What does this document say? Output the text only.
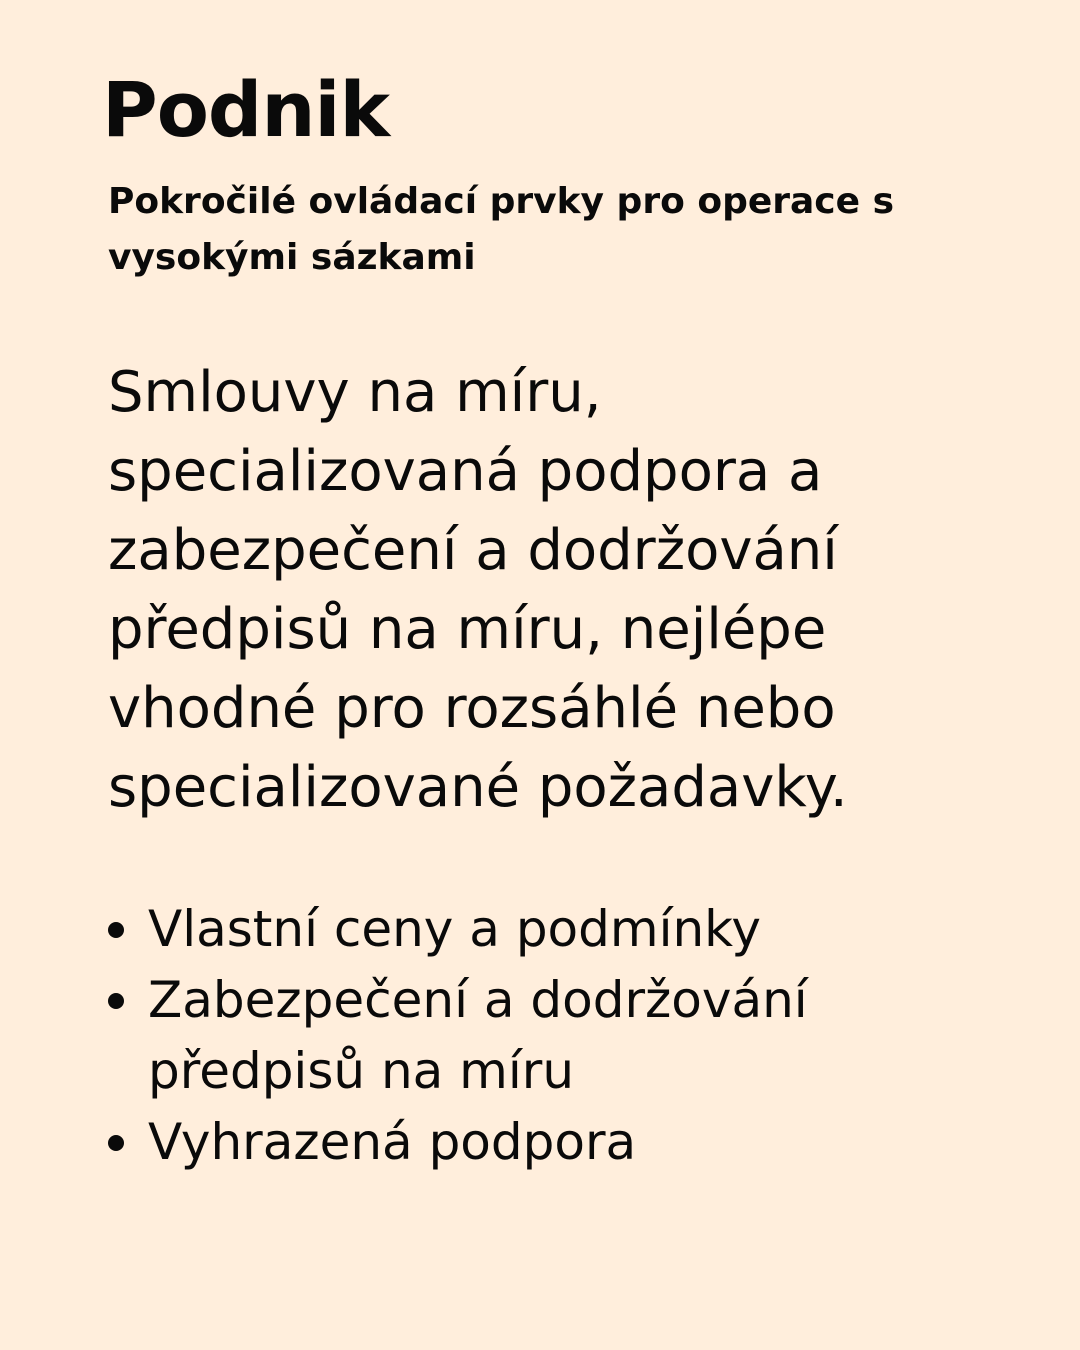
Podnik

Pokročilé ovládací prvky pro operace s vysokými sázkami

Smlouvy na míru, specializovaná podpora a zabezpečení a dodržování předpisů na míru, nejlépe vhodné pro rozsáhlé nebo specializované požadavky.

Vlastní ceny a podmínky
Zabezpečení a dodržování předpisů na míru
Vyhrazená podpora
